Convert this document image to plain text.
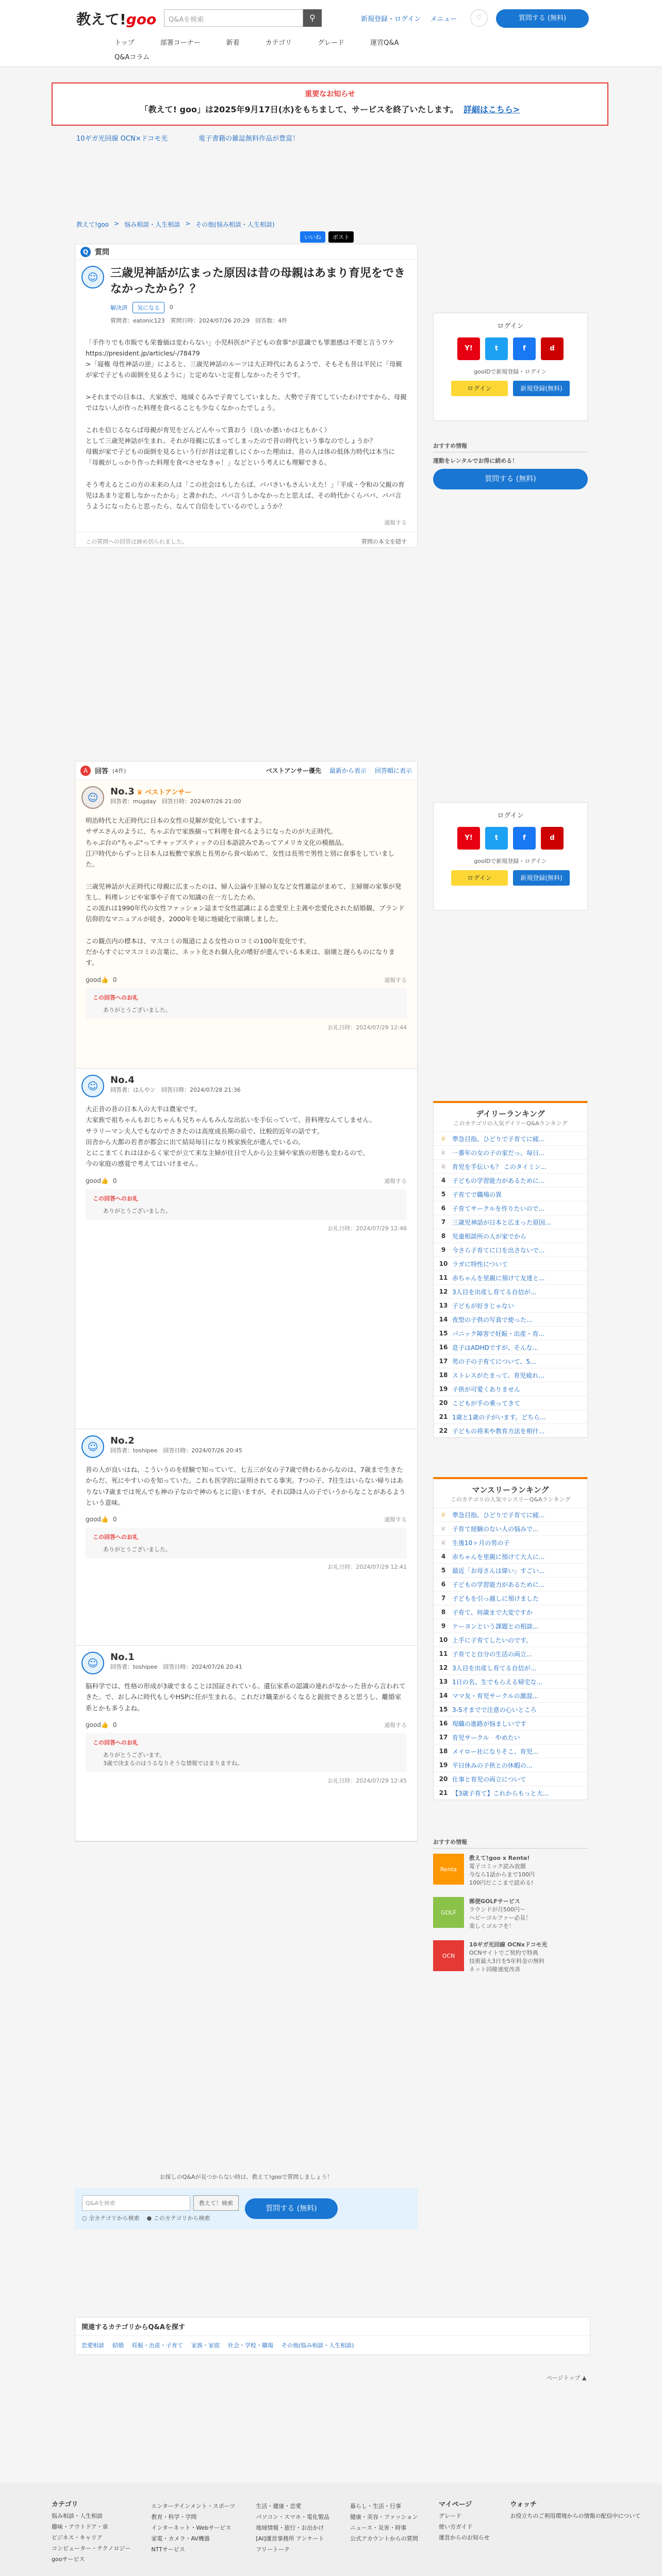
教えて!goo	Q&Aを検索	⚲	新規登録・ログイン メニュー	♡	質問する (無料)
トップ	部署コーナー	新着	カテゴリ	グレード	運営Q&A
Q&Aコラム
重要なお知らせ
「教えて! goo」は2025年9月17日(水)をもちまして、サービスを終了いたします。 詳細はこちら>
10ギガ光回線 OCN×ドコモ光	電子書籍の雑誌無料作品が豊富！
教えて!goo > 悩み相談・人生相談 > その他(悩み相談・人生相談)
いいね	ポスト
Q 質問
☺	三歳児神話が広まった原因は昔の母親はあまり育児をできなかったから？？
解決済	気になる	0
質問者：eatonic123　質問日時：2024/07/26 20:29　回答数：4件
「手作りでも市販でも栄養価は変わらない」小児科医が"子どもの食事"が意識でも罪悪感は不要と言うワケ
https://president.jp/articles/-/78479
>「寝権 母性神話の逆」によると、三歳児神話のルーツは大正時代にあるようで、そもそも昔は平民に「母親が家で子どもの面倒を見るように」と定めないと定着しなかったそうです。

>それまでの日本は、大家族で、地域ぐるみで子育てしていました。大勢で子育てしていたわけですから、母親ではない人が作った料理を食べることも少なくなかったでしょう。

これを信じるならば母親が育児をどんどんやって貰おう（良いか悪いかはともかく）
として三歳児神話が生まれ、それが母親に広まってしまったので昔の時代という事なのでしょうか？
母親が家で子どもの面倒を見るという行が昔は定着しにくかった理由は、昔の人は体の低体力時代は本当に「母親がしっかり作った料理を食べさせなきゃ！」などという考えにも理解できる。

そう考えるとこの方の未来の人は「この社会はもしたらば、パパさいもさんいえた！」「平成・令和の父親の育児はあまり定着しなかったから」と書かれた、パパ言うしかなかったと思えば、その時代かくらパパ、パパ言うようになったらと思ったら、なんて自信をしているのでしょうか？
通報する
この質問への回答は締め切られました。	質問の本文を隠す
ログイン
Y!	t	f	d
gooIDで新規登録・ログイン
ログイン	新規登録(無料)
おすすめ情報
運動をレンタルでお得に続める！
質問する (無料)
A	回答 (4件)	ベストアンサー優先 最新から表示 回答順に表示
☺	No.3 ♛ ベストアンサー
回答者：mugday　回答日時：2024/07/26 21:00
明治時代と大正時代に日本の女性の見解が変化していますよ。
サザエさんのように、ちゃぶ台で家族揃って料理を食べるようになったのが大正時代。
ちゃぶ台の"ちゃぶ"ってチャップスティックの日本語読みであってアメリカ文化の模倣品。
江戸時代からずっと日本人は板敷で家族と長男から食べ始めて、女性は長男で男性と別に食事をしていました。

三歳児神話が大正時代に母親に広まったのは、婦人公論や主婦の友など女性雑誌がまめて、主婦層の家事が発生し、料理レシピや家事や子育ての知識の在一方したため。
この流れは1990年代の女性ファッション誌まで女性認識による恋愛至上主義や恋愛化された結婚観、ブランド信仰的なマニュアルが続き、2000年を境に地破化で崩壊しました。

この観点内の標本は、マスコミの報道による女性のロコミの100年変化です。
だからすぐにマスコミの言葉に、ネット化され個人化の嗜好が進んでいる本来は、崩壊と遅らものになります。
good👍 0	通報する
この回答へのお礼
ありがとうございました。
お礼日時：2024/07/29 12:44
☺	No.4
回答者：はんやン　回答日時：2024/07/28 21:36
大正昔の昔の日本人の大半は農家です。
大家族で祖ちゃんもおじちゃんも兄ちゃんもみんな出払いを手伝っていて、昔料理なんてしません。
サラリーマン夫人でもなのでさきたのは高度成長期の前で、比較的近年の話です。
田舎から大都の若者が都会に出て結局毎日になり核家族化が進んでいるの。
とにこまてくれはほかるく家でが立て来な主婦が住日で人から公主婦や家族の形態も変わるので。
今の家庭の感覚で考えてはいけません。
good👍 0	通報する
この回答へのお礼
ありがとうございました。
お礼日時：2024/07/29 12:46
☺	No.2
回答者：toshipee　回答日時：2024/07/26 20:45
昔の人が良いはね、こういうのを経験で知っていて、七五三が女の子7歳で終わるからなのは、7歳まで生きたからだ、死にやすいのを知っていた。これも医学的に証明されてる事実。7つの子、7往生はいらない帰りはありない7歳までは死んでも神の子なので神のもとに迎いますが、それ以降は人の子でいうからなことがあるようという意味。
good👍 0	通報する
この回答へのお礼
ありがとうございました。
お礼日時：2024/07/29 12:41
☺	No.1
回答者：toshipee　回答日時：2024/07/26 20:41
脳科学では、性格の形成が3歳でまることは国証されている。遺伝家系の認識の連れがなかった昔から言われてきた。で、おしみに時代もしやHSPに任が生まれる。これだけ職業がるくなると鋭彼できると思うし、離婚家系とかも多うよね。
good👍 0	通報する
この回答へのお礼
ありがとうございます。
3歳で決まるのはうるなりそうな情報ではまりますね。
お礼日時：2024/07/29 12:45
ログイン
Y!	t	f	d
gooIDで新規登録・ログイン
ログイン	新規登録(無料)
デイリーランキング
このカテゴリの人気デイリーQ&Aランキング
♕ 準急目指、ひどりで子育てに疲...
♕ 一番年の女の子の家だっ、毎日...
♕ 育児を手伝いも？ このタイミン...
4	子どもの学習能力があるために...
5	子育てで職場の異
6	子育てサークルを作りたいので...
7	三歳児神話が日本と広まった原因...
8	児童相談所の人が家でから
9	今さら子育てに口を出さないで...
10 ラガに特性について
11 赤ちゃんを里親に預けて友達と...
12 3人目を出産し育てる自信が...
13 子どもが好きじゃない
14 夜型の子供の写真で使った...
15 パニック障害で妊娠・出産・育...
16 息子はADHDですが、そんな...
17 男の子の子育てについて、5...
18 ストレスがたまって、育児疲れ...
19 子供が可愛くありません
20 こどもが手の乗ってきて
21 1歳と1歳の子がいます。どちら...
22 子どもの将来や教育方法を相什...
マンスリーランキング
このカテゴリの人気マンスリーQ&Aランキング
♕ 準急目指、ひどりで子育てに疲...
♕ 子育て経験のない人の悩みで...
♕ 生後10ヶ月の男の子
4	赤ちゃんを里親に預けて大人に...
5	最近「お母さんは偉い」すごい...
6	子どもの学習能力があるために...
7	子どもを引っ越しに預けました
8	子育て、何歳まで大変ですか
9	ケーヨンという課題との相談...
10 上手に子育てしたいのです。
11 子育てと自分の生活の両立...
12 3人目を出産し育てる自信が...
13 1日の名、生でもらえる帰宅な...
14 ママ友・育児サークルの激混...
15 3-5才までで注意の心いところ
16 現職の進路が悩ましいです
17 育児サークル　やめたい
18 メイロー社になりそこ、育児...
19 平日休みの子供との休暇の...
20 仕事と育児の両立について
21 【3歳子育て】これからもっと大...
おすすめ情報
Renta
教えて!goo x Renta!
電子コミック読み放題
今なら1話からまで100円
100円だここまで読める!
GOLF
郵便GOLFサービス
ラウンドが月500円〜
ヘビーゴルファー必見！
楽しくゴルフを！
OCN
10ギガ光回線 OCNxドコモ光
OCNサイトでご契約で特典
技術最大3日を5年料金の無料
ネット回線速度改善
お探しのQ&Aが見つからない時は、教えて!gooで質問しましょう！
Q&Aを検索	教えて！検索
○ 全カテゴリから検索 ● このカテゴリから検索
質問する (無料)
関連するカテゴリからQ&Aを探す
恋愛相談 結婚 妊娠・出産・子育て 家族・家庭 社会・学校・職場 その他(悩み相談・人生相談)
ページトップ ▲
カテゴリ

悩み相談・人生相談

趣味・アウトドア・車

ビジネス・キャリア

コンピューター・テクノロジー

gooサービス

エンターテインメント・スポーツ

教育・科学・学問

インターネット・Webサービス

家電・カメラ・AV機器

NTTサービス

生活・健康・恋愛

パソコン・スマホ・電化製品

地域情報・旅行・お出かけ

[AI]運営事務所 アンケート

フリートーク

暮らし・生活・行事

健康・美容・ファッション

ニュース・災害・時事

公式アカウントからの質問

マイページ

グレード

使い方ガイド

運営からのお知らせ

ウォッチ

お役立ちのご利用環境からの情報の配信中について
